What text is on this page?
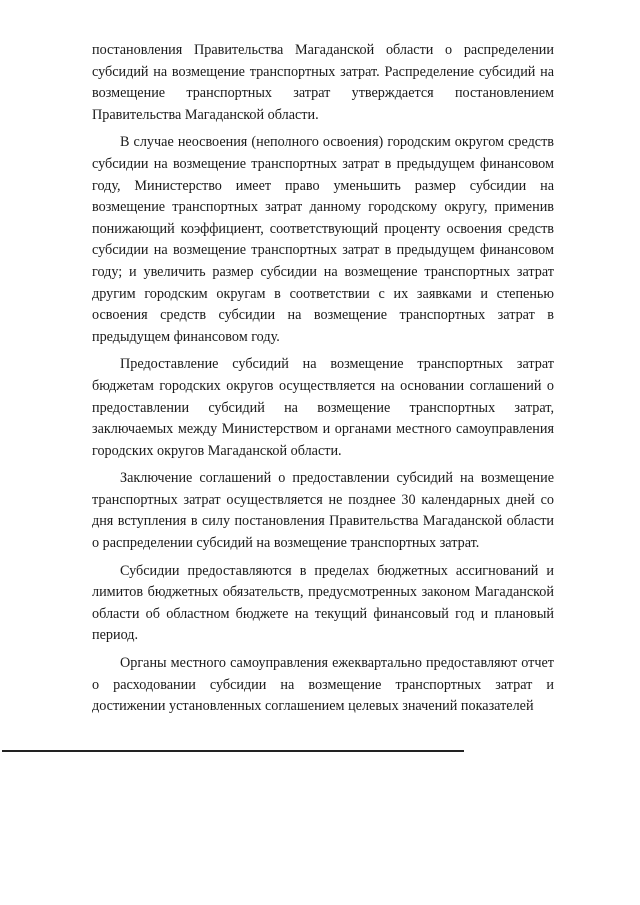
постановления Правительства Магаданской области о распределении субсидий на возмещение транспортных затрат. Распределение субсидий на возмещение транспортных затрат утверждается постановлением Правительства Магаданской области.

В случае неосвоения (неполного освоения) городским округом средств субсидии на возмещение транспортных затрат в предыдущем финансовом году, Министерство имеет право уменьшить размер субсидии на возмещение транспортных затрат данному городскому округу, применив понижающий коэффициент, соответствующий проценту освоения средств субсидии на возмещение транспортных затрат в предыдущем финансовом году; и увеличить размер субсидии на возмещение транспортных затрат другим городским округам в соответствии с их заявками и степенью освоения средств субсидии на возмещение транспортных затрат в предыдущем финансовом году.

Предоставление субсидий на возмещение транспортных затрат бюджетам городских округов осуществляется на основании соглашений о предоставлении субсидий на возмещение транспортных затрат, заключаемых между Министерством и органами местного самоуправления городских округов Магаданской области.

Заключение соглашений о предоставлении субсидий на возмещение транспортных затрат осуществляется не позднее 30 календарных дней со дня вступления в силу постановления Правительства Магаданской области о распределении субсидий на возмещение транспортных затрат.

Субсидии предоставляются в пределах бюджетных ассигнований и лимитов бюджетных обязательств, предусмотренных законом Магаданской области об областном бюджете на текущий финансовый год и плановый период.

Органы местного самоуправления ежеквартально предоставляют отчет о расходовании субсидии на возмещение транспортных затрат и достижении установленных соглашением целевых значений показателей
